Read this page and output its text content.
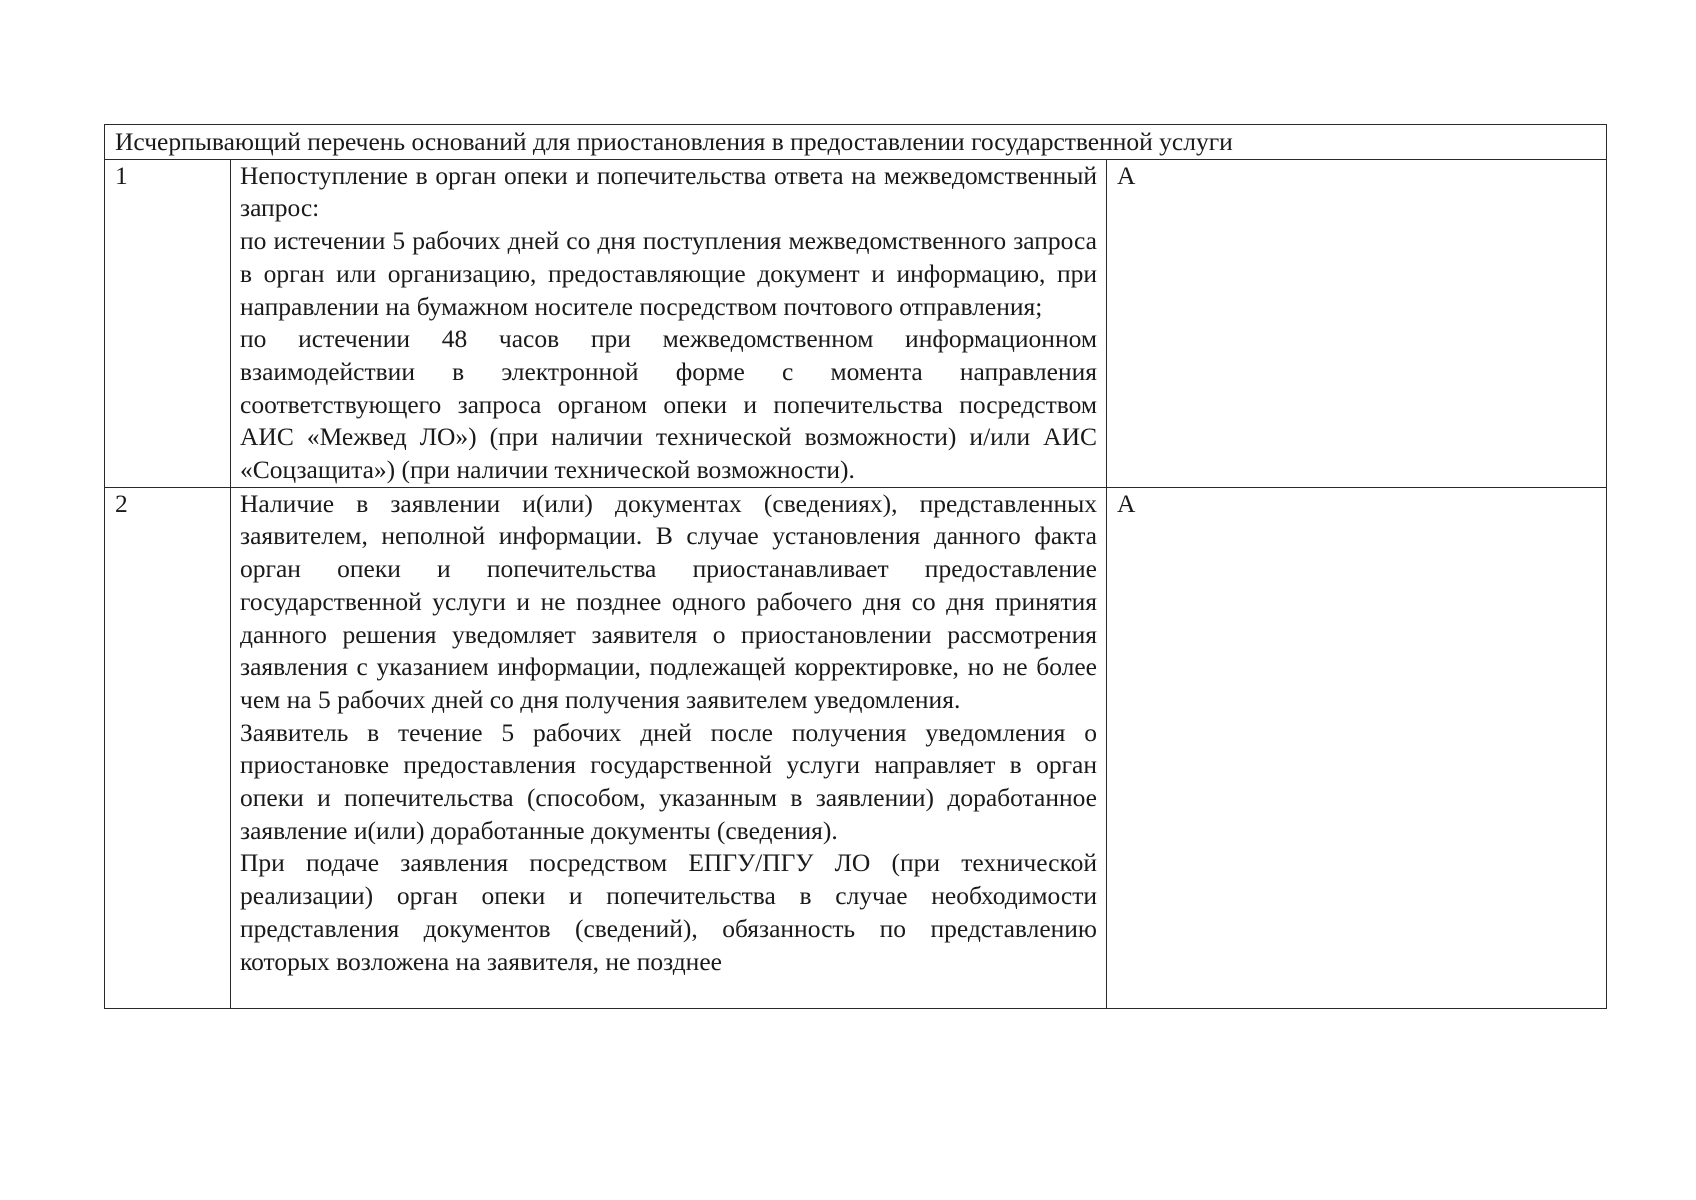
Исчерпывающий перечень оснований для приостановления в предоставлении государственной услуги		
1	Непоступление в орган опеки и попечительства ответа на межведомственный запрос:

по истечении 5 рабочих дней со дня поступления межведомственного запроса в орган или организацию, предоставляющие документ и информацию, при направлении на бумажном носителе посредством почтового отправления;

по истечении 48 часов при межведомственном информационном взаимодействии в электронной форме с момента направления соответствующего запроса органом опеки и попечительства посредством АИС «Межвед ЛО») (при наличии технической возможности) и/или АИС «Соцзащита») (при наличии технической возможности).	А
2	Наличие в заявлении и(или) документах (сведениях), представленных заявителем, неполной информации. В случае установления данного факта орган опеки и попечительства приостанавливает предоставление государственной услуги и не позднее одного рабочего дня со дня принятия данного решения уведомляет заявителя о приостановлении рассмотрения заявления с указанием информации, подлежащей корректировке, но не более чем на 5 рабочих дней со дня получения заявителем уведомления.

Заявитель в течение 5 рабочих дней после получения уведомления о приостановке предоставления государственной услуги направляет в орган опеки и попечительства (способом, указанным в заявлении) доработанное заявление и(или) доработанные документы (сведения).

При подаче заявления посредством ЕПГУ/ПГУ ЛО (при технической реализации) орган опеки и попечительства в случае необходимости представления документов (сведений), обязанность по представлению которых возложена на заявителя, не позднее	А
